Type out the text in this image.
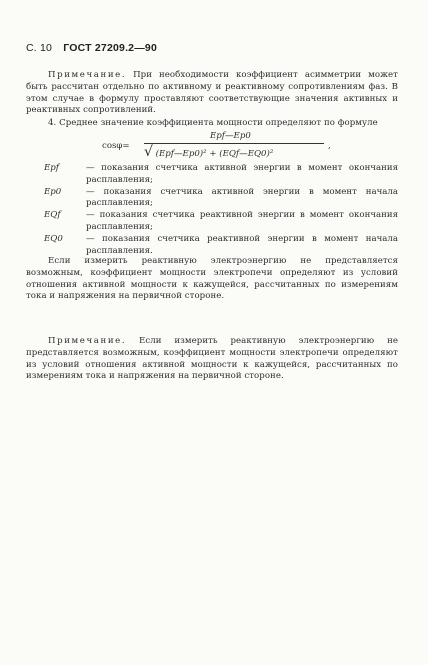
С. 10 ГОСТ 27209.2—90
Примечание. При необходимости коэффициент асимметрии может быть рассчитан отдельно по активному и реактивному сопротивлениям фаз. В этом случае в формулу проставляют соответствующие значения активных и реактивных сопротивлений.
4. Среднее значение коэффициента мощности определяют по формуле
cosφ=
Epf—Ep0
√ (Epf—Ep0)² + (EQf—EQ0)²
,
Epf	— показания счетчика активной энергии в момент окончания расплавления;
Ep0	— показания счетчика активной энергии в момент начала расплавления;
EQf	— показания счетчика реактивной энергии в момент окончания расплавления;
EQ0	— показания счетчика реактивной энергии в момент начала расплавления.
Если измерить реактивную электроэнергию не представляется возможным, коэффициент мощности электропечи определяют из условий отношения активной мощности к кажущейся, рассчитанных по измерениям тока и напряжения на первичной стороне.
Примечание. Если измерить реактивную электроэнергию не представляется возможным, коэффициент мощности электропечи определяют из условий отношения активной мощности к кажущейся, рассчитанных по измерениям тока и напряжения на первичной стороне.
